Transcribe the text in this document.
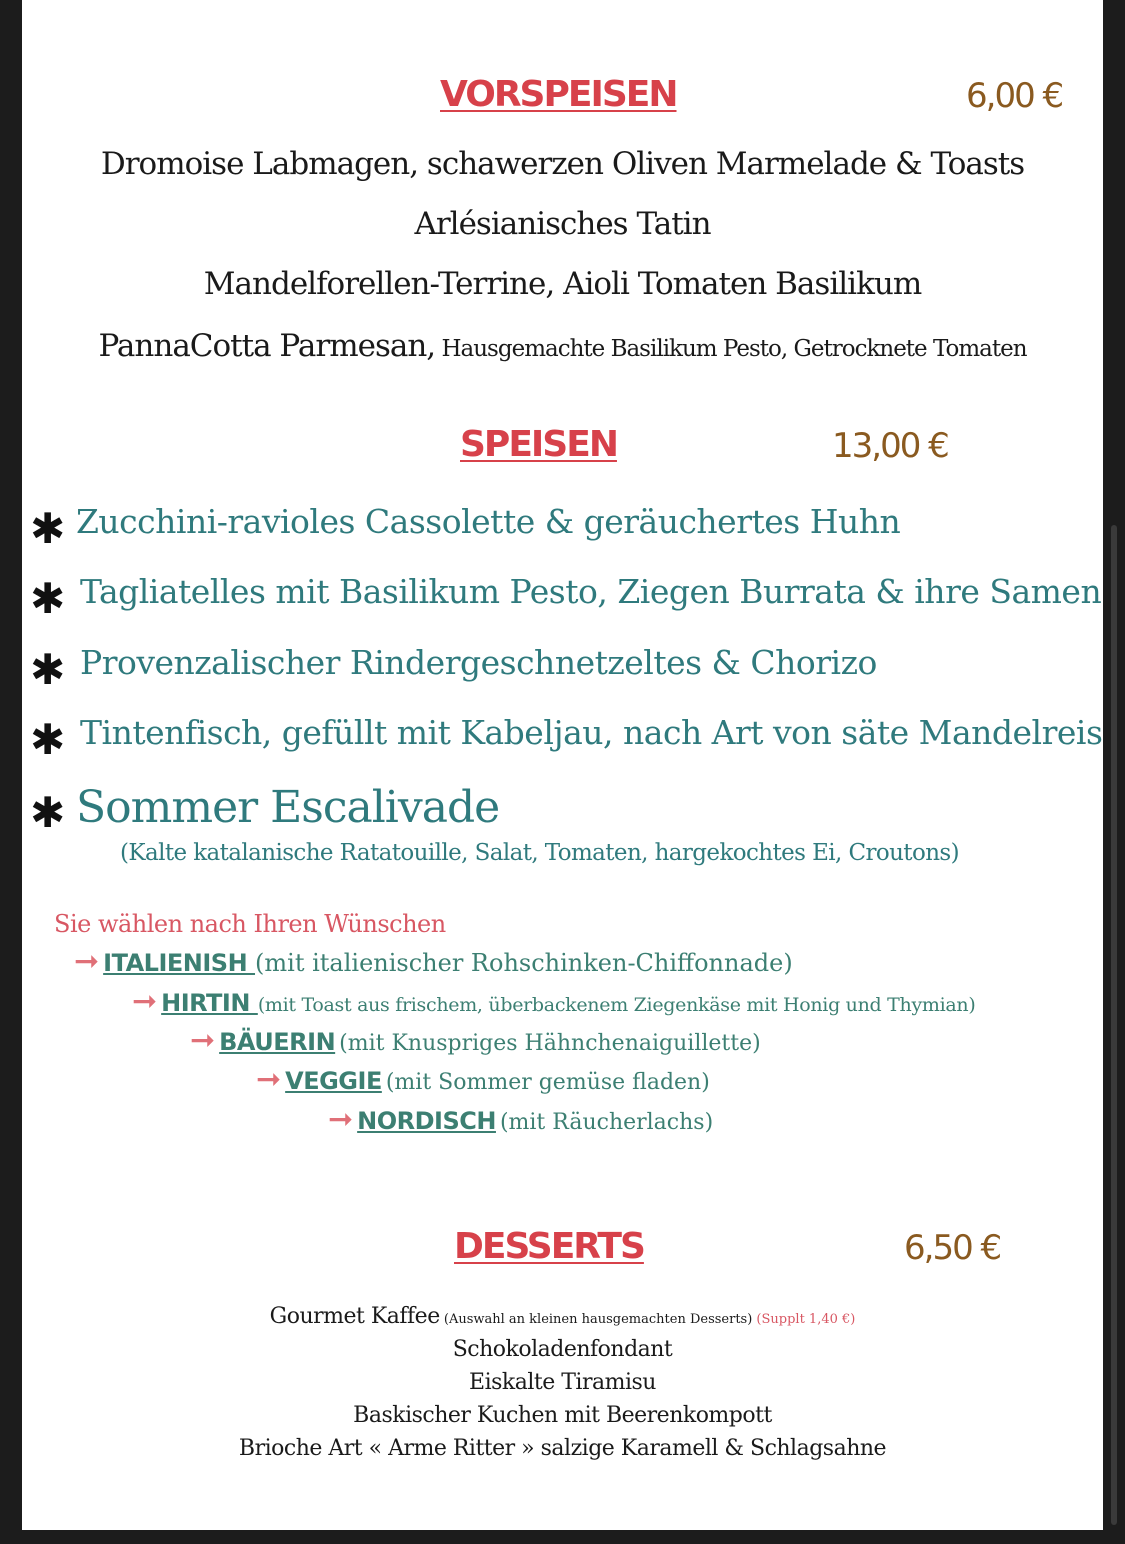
VORSPEISEN	6,00 €
Dromoise Labmagen, schawerzen Oliven Marmelade & Toasts
Arlésianisches Tatin
Mandelforellen-Terrine, Aioli Tomaten Basilikum
PannaCotta Parmesan, Hausgemachte Basilikum Pesto, Getrocknete Tomaten
SPEISEN	13,00 €
✱ Zucchini-ravioles Cassolette & geräuchertes Huhn
✱ Tagliatelles mit Basilikum Pesto, Ziegen Burrata & ihre Samen
✱ Provenzalischer Rindergeschnetzeltes & Chorizo
✱ Tintenfisch, gefüllt mit Kabeljau, nach Art von säte Mandelreis
✱ Sommer Escalivade
(Kalte katalanische Ratatouille, Salat, Tomaten, hargekochtes Ei, Croutons)
Sie wählen nach Ihren Wünschen
➞ ITALIENISH (mit italienischer Rohschinken-Chiffonnade)
➞ HIRTIN (mit Toast aus frischem, überbackenem Ziegenkäse mit Honig und Thymian)
➞ BÄUERIN (mit Knuspriges Hähnchenaiguillette)
➞ VEGGIE (mit Sommer gemüse fladen)
➞ NORDISCH (mit Räucherlachs)
DESSERTS	6,50 €
Gourmet Kaffee (Auswahl an kleinen hausgemachten Desserts) (Supplt 1,40 €)
Schokoladenfondant
Eiskalte Tiramisu
Baskischer Kuchen mit Beerenkompott
Brioche Art « Arme Ritter » salzige Karamell & Schlagsahne
